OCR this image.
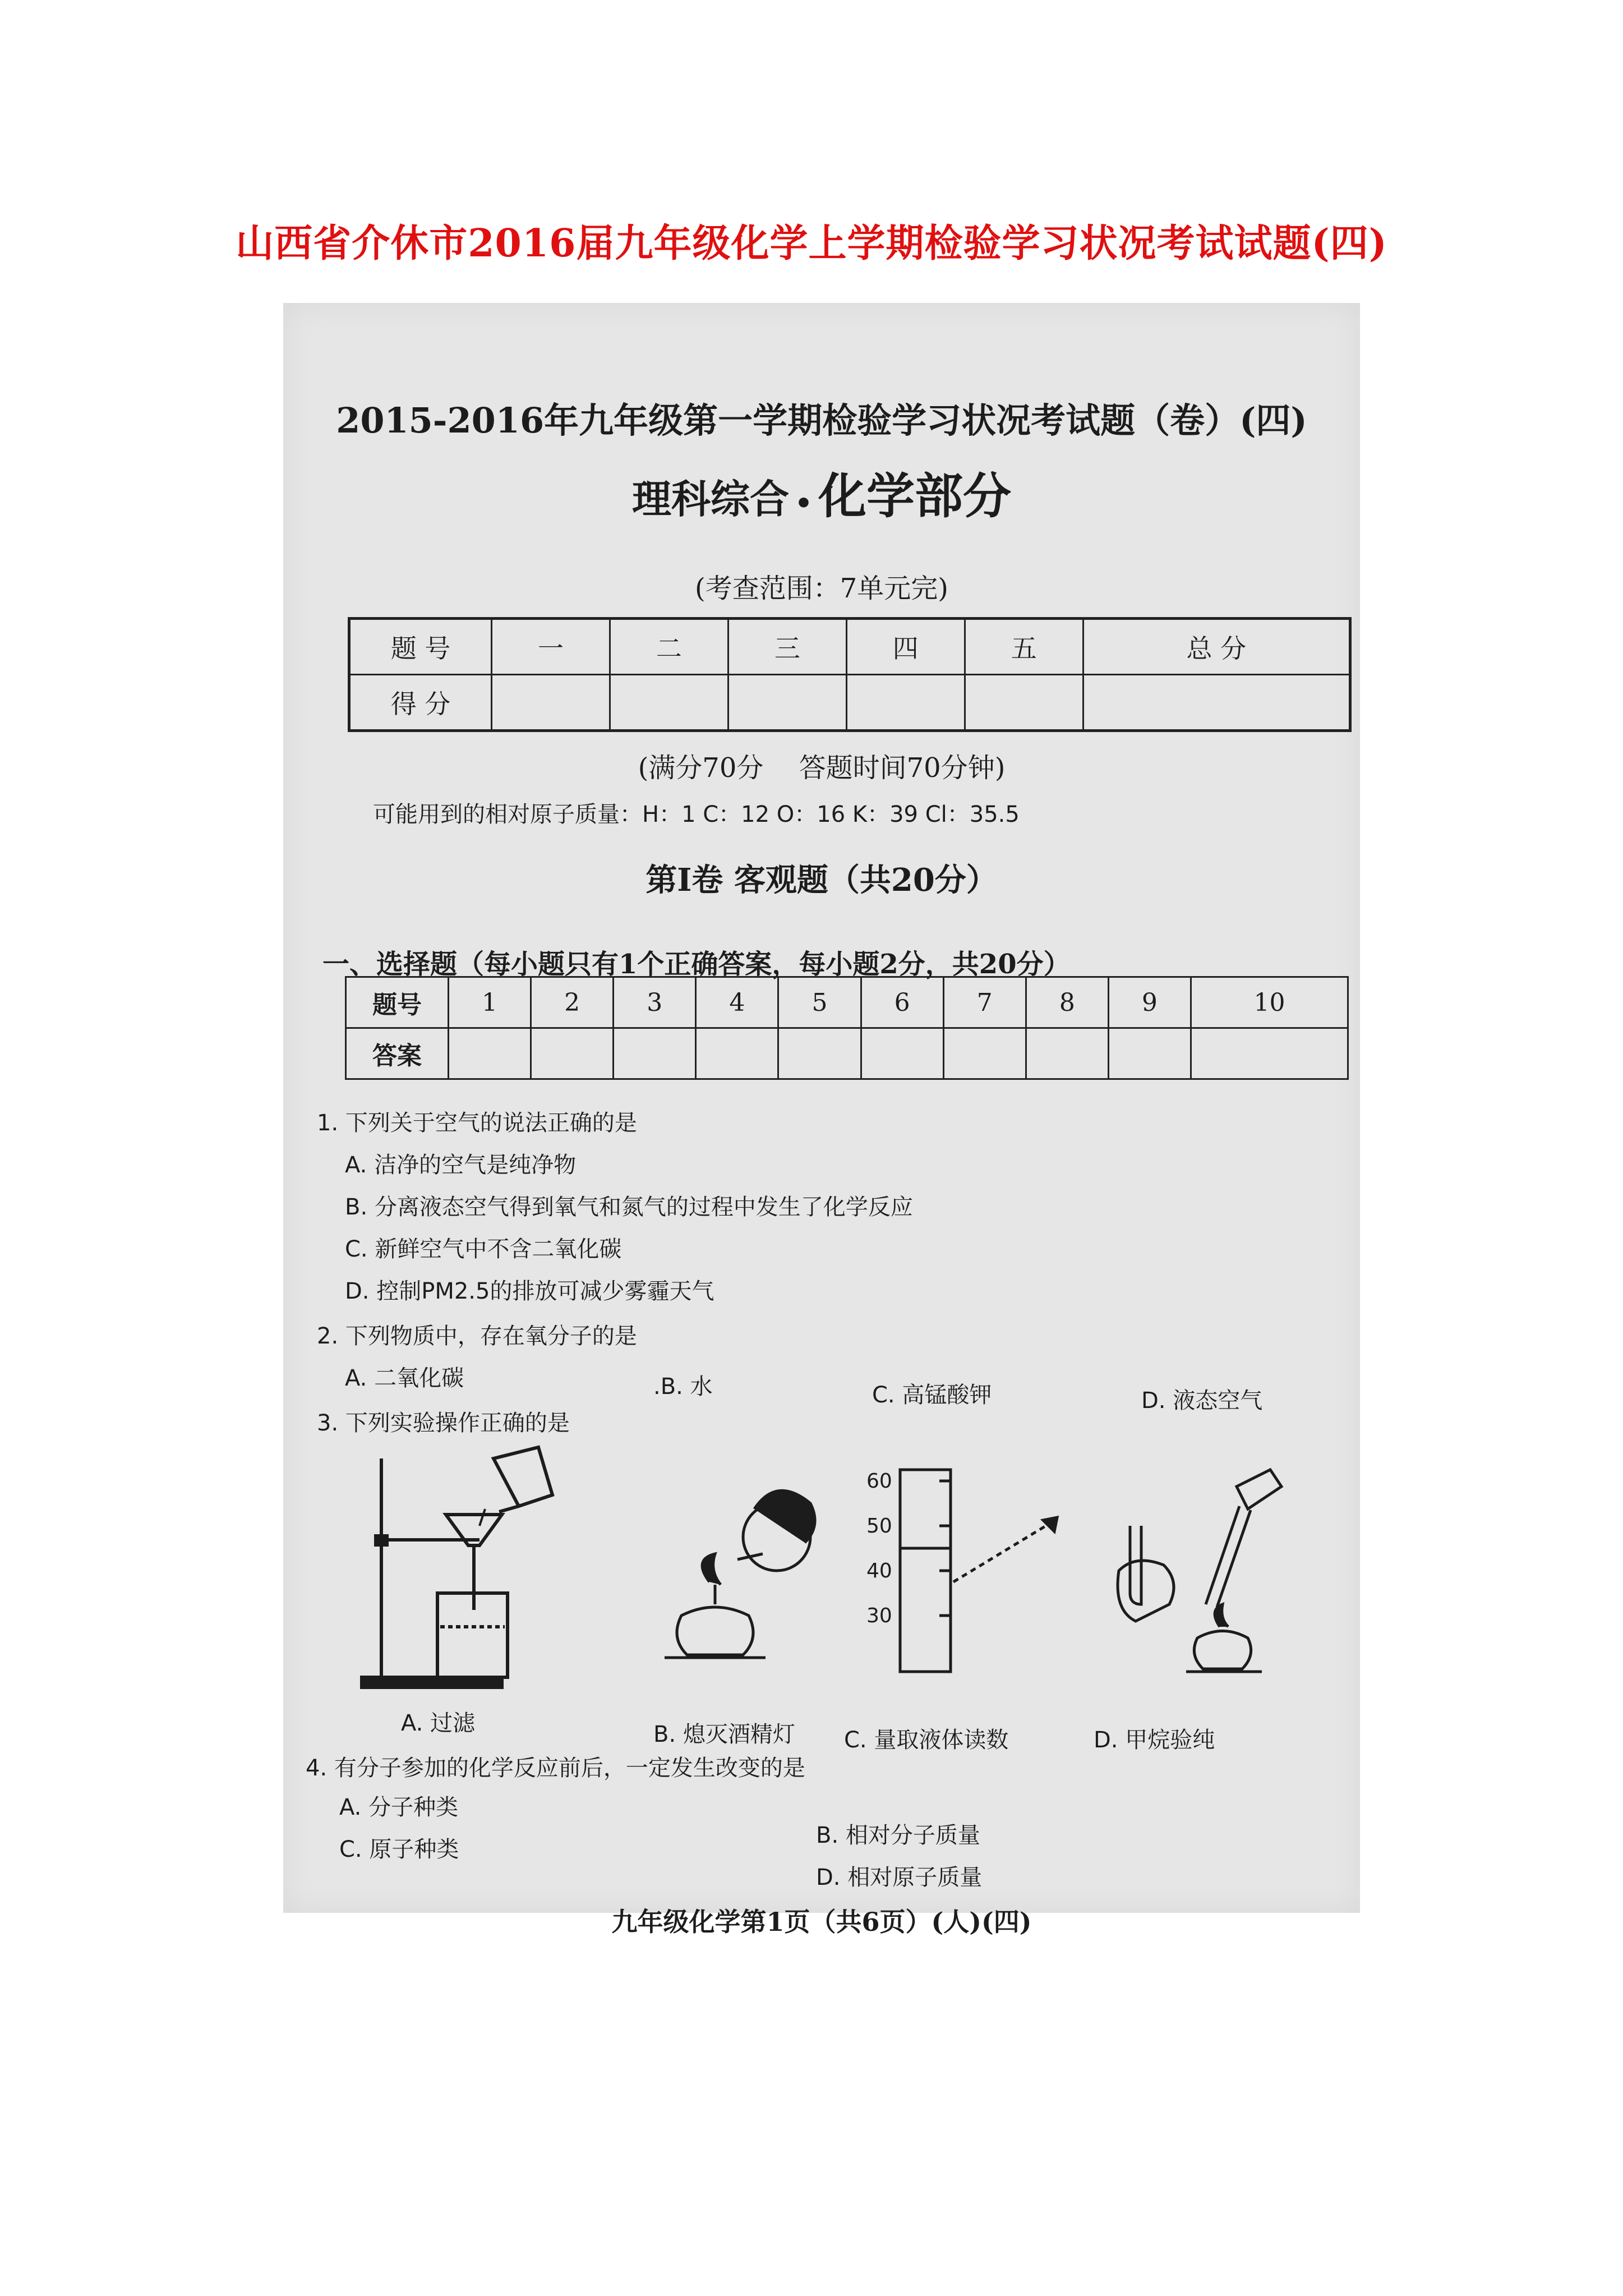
山西省介休市2016届九年级化学上学期检验学习状况考试试题(四)
2015-2016年九年级第一学期检验学习状况考试题（卷）(四)
理科综合 • 化学部分
(考查范围：7单元完)
题 号	一	二	三	四	五	总 分
得 分						
(满分70分　 答题时间70分钟)
可能用到的相对原子质量：H：1 C：12 O：16 K：39 Cl：35.5
第Ⅰ卷 客观题（共20分）
一、选择题（每小题只有1个正确答案，每小题2分，共20分）
题号	1	2	3	4	5	6	7	8	9	10
答案										
1. 下列关于空气的说法正确的是
A. 洁净的空气是纯净物
B. 分离液态空气得到氧气和氮气的过程中发生了化学反应
C. 新鲜空气中不含二氧化碳
D. 控制PM2.5的排放可减少雾霾天气
2. 下列物质中，存在氧分子的是
A. 二氧化碳	.B. 水	C. 高锰酸钾	D. 液态空气
3. 下列实验操作正确的是
A. 过滤	B. 熄灭酒精灯
60
50
40
30
C. 量取液体读数	D. 甲烷验纯
4. 有分子参加的化学反应前后，一定发生改变的是
A. 分子种类
B. 相对分子质量
C. 原子种类
D. 相对原子质量
九年级化学第1页（共6页）(人)(四)
